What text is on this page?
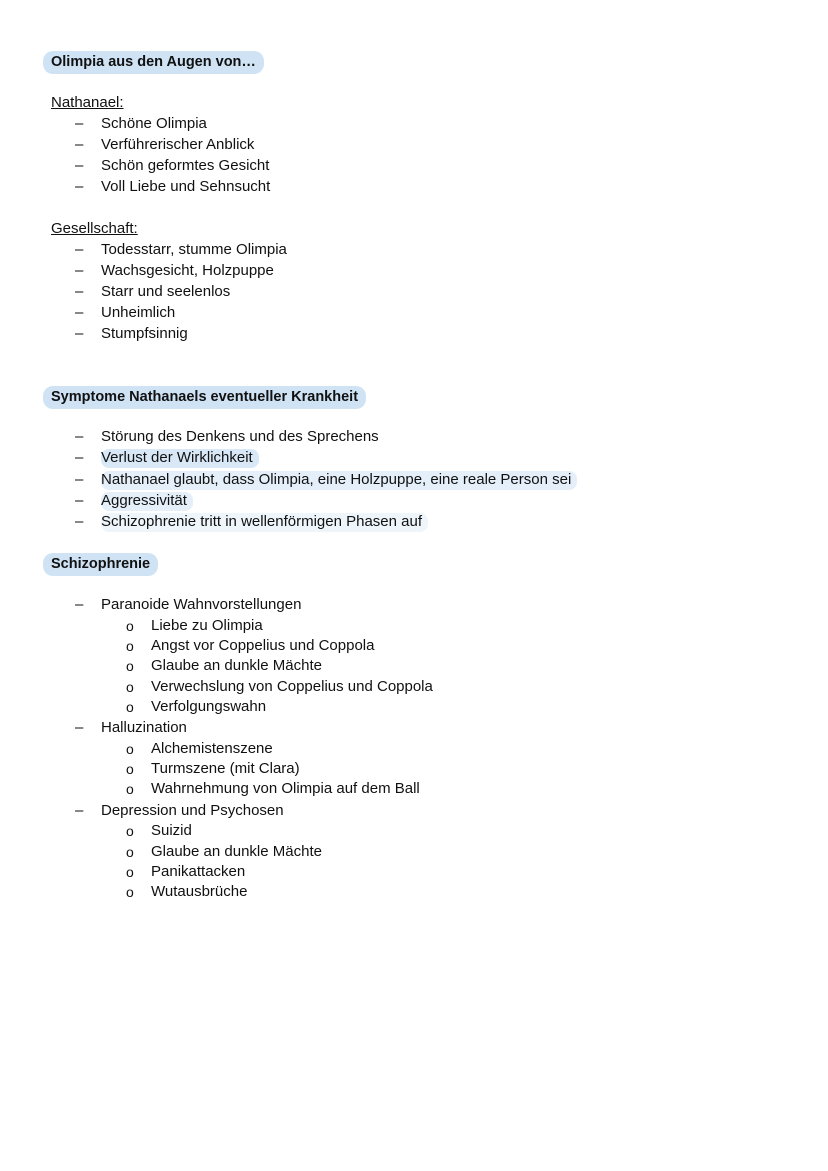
Olimpia aus den Augen von…
Nathanael:
– Schöne Olimpia
– Verführerischer Anblick
– Schön geformtes Gesicht
– Voll Liebe und Sehnsucht
Gesellschaft:
– Todesstarr, stumme Olimpia
– Wachsgesicht, Holzpuppe
– Starr und seelenlos
– Unheimlich
– Stumpfsinnig
Symptome Nathanaels eventueller Krankheit
– Störung des Denkens und des Sprechens
– Verlust der Wirklichkeit
– Nathanael glaubt, dass Olimpia, eine Holzpuppe, eine reale Person sei
– Aggressivität
– Schizophrenie tritt in wellenförmigen Phasen auf
Schizophrenie
– Paranoide Wahnvorstellungen
o Liebe zu Olimpia
o Angst vor Coppelius und Coppola
o Glaube an dunkle Mächte
o Verwechslung von Coppelius und Coppola
o Verfolgungswahn
– Halluzination
o Alchemistenszene
o Turmszene (mit Clara)
o Wahrnehmung von Olimpia auf dem Ball
– Depression und Psychosen
o Suizid
o Glaube an dunkle Mächte
o Panikattacken
o Wutausbrüche
